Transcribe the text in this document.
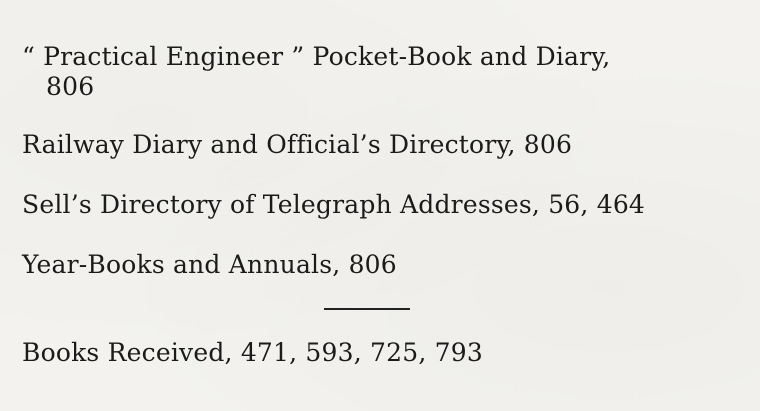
“ Practical Engineer ” Pocket-Book and Diary,
806
Railway Diary and Official’s Directory, 806
Sell’s Directory of Telegraph Addresses, 56, 464
Year-Books and Annuals, 806
Books Received, 471, 593, 725, 793
